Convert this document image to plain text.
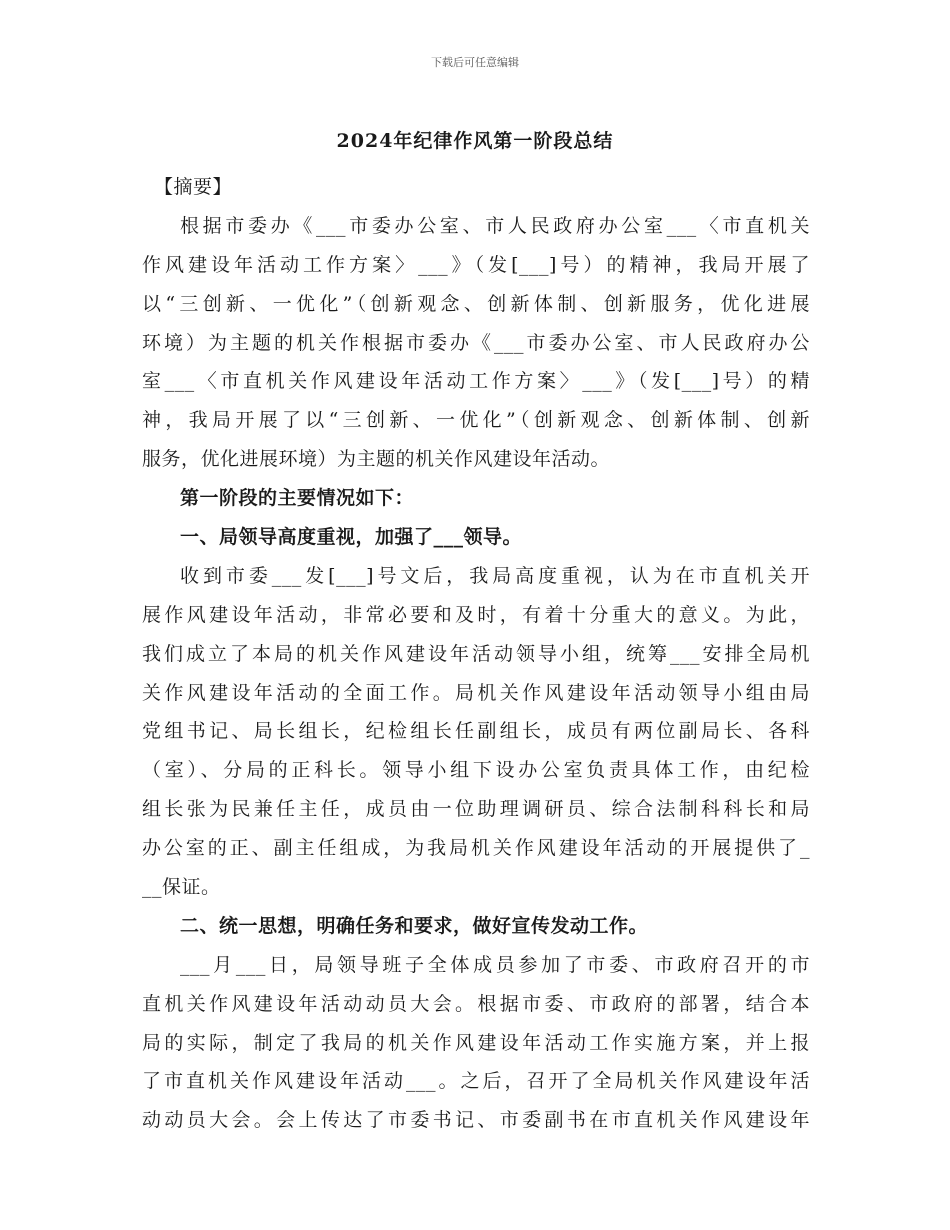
下载后可任意编辑
2024年纪律作风第一阶段总结
【摘要】
根据市委办《___市委办公室、市人民政府办公室___〈市直机关
作风建设年活动工作方案〉___》（发[___]号）的精神，我局开展了
以“三创新、一优化”（创新观念、创新体制、创新服务，优化进展
环境）为主题的机关作根据市委办《___市委办公室、市人民政府办公
室___〈市直机关作风建设年活动工作方案〉___》（发[___]号）的精
神，我局开展了以“三创新、一优化”（创新观念、创新体制、创新
服务，优化进展环境）为主题的机关作风建设年活动。
第一阶段的主要情况如下：
一、局领导高度重视，加强了___领导。
收到市委___发[___]号文后，我局高度重视，认为在市直机关开
展作风建设年活动，非常必要和及时，有着十分重大的意义。为此，
我们成立了本局的机关作风建设年活动领导小组，统筹___安排全局机
关作风建设年活动的全面工作。局机关作风建设年活动领导小组由局
党组书记、局长组长，纪检组长任副组长，成员有两位副局长、各科
（室）、分局的正科长。领导小组下设办公室负责具体工作，由纪检
组长张为民兼任主任，成员由一位助理调研员、综合法制科科长和局
办公室的正、副主任组成，为我局机关作风建设年活动的开展提供了_
__保证。
二、统一思想，明确任务和要求，做好宣传发动工作。
___月___日，局领导班子全体成员参加了市委、市政府召开的市
直机关作风建设年活动动员大会。根据市委、市政府的部署，结合本
局的实际，制定了我局的机关作风建设年活动工作实施方案，并上报
了市直机关作风建设年活动___。之后，召开了全局机关作风建设年活
动动员大会。会上传达了市委书记、市委副书在市直机关作风建设年
